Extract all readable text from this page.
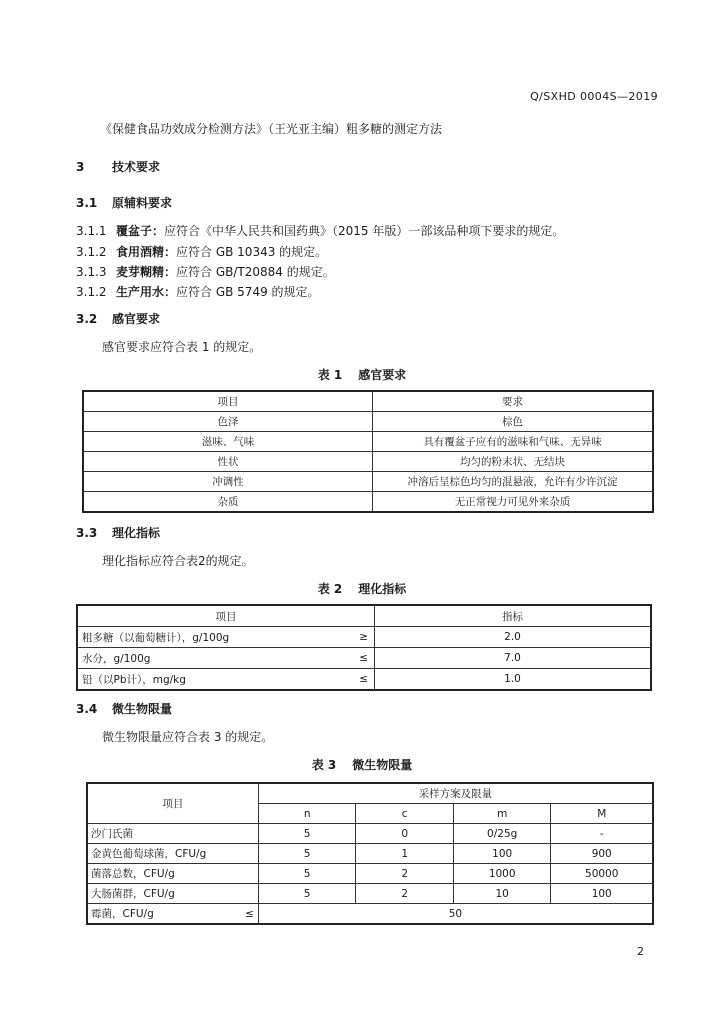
Q/SXHD 0004S—2019
《保健食品功效成分检测方法》（王光亚主编）粗多糖的测定方法
3 技术要求
3.1 原辅料要求
3.1.1 覆盆子：应符合《中华人民共和国药典》（2015 年版）一部该品种项下要求的规定。
3.1.2 食用酒精：应符合 GB 10343 的规定。
3.1.3 麦芽糊精：应符合 GB/T20884 的规定。
3.1.2 生产用水：应符合 GB 5749 的规定。
3.2 感官要求
感官要求应符合表 1 的规定。
表 1 感官要求
项目	要求
色泽	棕色
滋味、气味	具有覆盆子应有的滋味和气味、无异味
性状	均匀的粉末状、无结块
冲调性	冲溶后呈棕色均匀的混悬液，允许有少许沉淀
杂质	无正常视力可见外来杂质
3.3 理化指标
理化指标应符合表2的规定。
表 2 理化指标
项目		指标
粗多糖（以葡萄糖计），g/100g	≥	2.0
水分，g/100g	≤	7.0
铅（以Pb计），mg/kg	≤	1.0
3.4 微生物限量
微生物限量应符合表 3 的规定。
表 3 微生物限量
项目		采样方案及限量			
		n	c	m	M
沙门氏菌		5	0	0/25g	-
金黄色葡萄球菌，CFU/g		5	1	100	900
菌落总数，CFU/g		5	2	1000	50000
大肠菌群，CFU/g		5	2	10	100
霉菌，CFU/g	≤	50			
2
